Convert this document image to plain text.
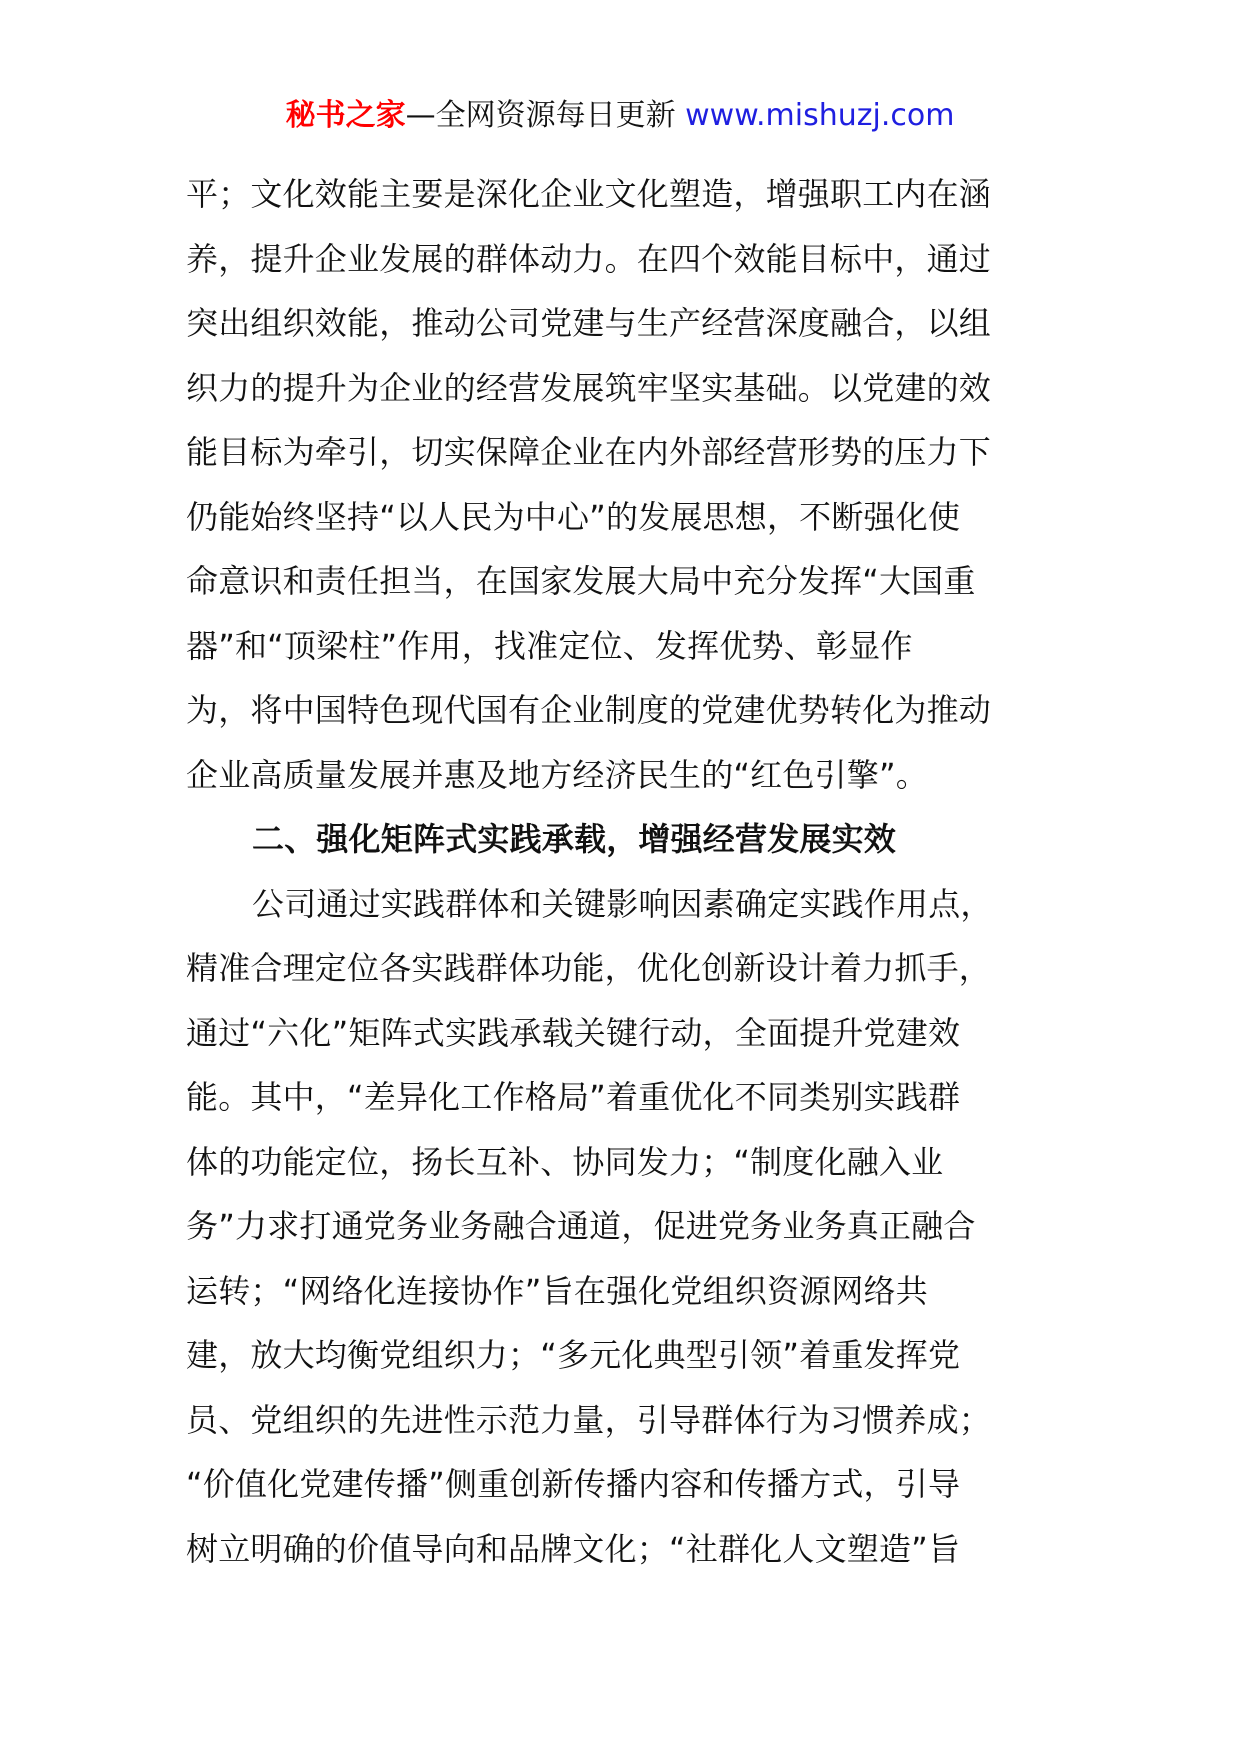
秘书之家—全网资源每日更新 www.mishuzj.com
平；文化效能主要是深化企业文化塑造，增强职工内在涵
养，提升企业发展的群体动力。在四个效能目标中，通过
突出组织效能，推动公司党建与生产经营深度融合，以组
织力的提升为企业的经营发展筑牢坚实基础。以党建的效
能目标为牵引，切实保障企业在内外部经营形势的压力下
仍能始终坚持“以人民为中心”的发展思想，不断强化使
命意识和责任担当，在国家发展大局中充分发挥“大国重
器”和“顶梁柱”作用，找准定位、发挥优势、彰显作
为，将中国特色现代国有企业制度的党建优势转化为推动
企业高质量发展并惠及地方经济民生的“红色引擎”。
二、强化矩阵式实践承载，增强经营发展实效
公司通过实践群体和关键影响因素确定实践作用点，
精准合理定位各实践群体功能，优化创新设计着力抓手，
通过“六化”矩阵式实践承载关键行动，全面提升党建效
能。其中，“差异化工作格局”着重优化不同类别实践群
体的功能定位，扬长互补、协同发力；“制度化融入业
务”力求打通党务业务融合通道，促进党务业务真正融合
运转；“网络化连接协作”旨在强化党组织资源网络共
建，放大均衡党组织力；“多元化典型引领”着重发挥党
员、党组织的先进性示范力量，引导群体行为习惯养成；
“价值化党建传播”侧重创新传播内容和传播方式，引导
树立明确的价值导向和品牌文化；“社群化人文塑造”旨
